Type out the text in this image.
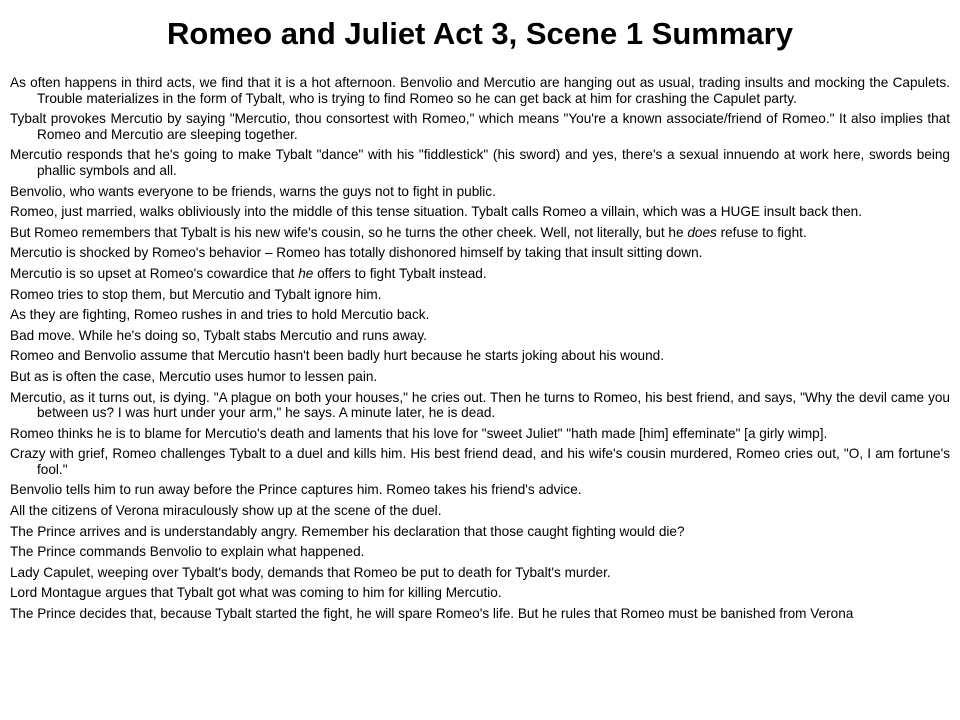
Romeo and Juliet Act 3, Scene 1 Summary
As often happens in third acts, we find that it is a hot afternoon. Benvolio and Mercutio are hanging out as usual, trading insults and mocking the Capulets. Trouble materializes in the form of Tybalt, who is trying to find Romeo so he can get back at him for crashing the Capulet party.
Tybalt provokes Mercutio by saying "Mercutio, thou consortest with Romeo," which means "You're a known associate/friend of Romeo." It also implies that Romeo and Mercutio are sleeping together.
Mercutio responds that he's going to make Tybalt "dance" with his "fiddlestick" (his sword) and yes, there's a sexual innuendo at work here, swords being phallic symbols and all.
Benvolio, who wants everyone to be friends, warns the guys not to fight in public.
Romeo, just married, walks obliviously into the middle of this tense situation. Tybalt calls Romeo a villain, which was a HUGE insult back then.
But Romeo remembers that Tybalt is his new wife's cousin, so he turns the other cheek. Well, not literally, but he does refuse to fight.
Mercutio is shocked by Romeo's behavior – Romeo has totally dishonored himself by taking that insult sitting down.
Mercutio is so upset at Romeo's cowardice that he offers to fight Tybalt instead.
Romeo tries to stop them, but Mercutio and Tybalt ignore him.
As they are fighting, Romeo rushes in and tries to hold Mercutio back.
Bad move. While he's doing so, Tybalt stabs Mercutio and runs away.
Romeo and Benvolio assume that Mercutio hasn't been badly hurt because he starts joking about his wound.
But as is often the case, Mercutio uses humor to lessen pain.
Mercutio, as it turns out, is dying. "A plague on both your houses," he cries out. Then he turns to Romeo, his best friend, and says, "Why the devil came you between us? I was hurt under your arm," he says. A minute later, he is dead.
Romeo thinks he is to blame for Mercutio's death and laments that his love for "sweet Juliet" "hath made [him] effeminate" [a girly wimp].
Crazy with grief, Romeo challenges Tybalt to a duel and kills him. His best friend dead, and his wife's cousin murdered, Romeo cries out, "O, I am fortune's fool."
Benvolio tells him to run away before the Prince captures him. Romeo takes his friend's advice.
All the citizens of Verona miraculously show up at the scene of the duel.
The Prince arrives and is understandably angry. Remember his declaration that those caught fighting would die?
The Prince commands Benvolio to explain what happened.
Lady Capulet, weeping over Tybalt's body, demands that Romeo be put to death for Tybalt's murder.
Lord Montague argues that Tybalt got what was coming to him for killing Mercutio.
The Prince decides that, because Tybalt started the fight, he will spare Romeo's life. But he rules that Romeo must be banished from Verona
